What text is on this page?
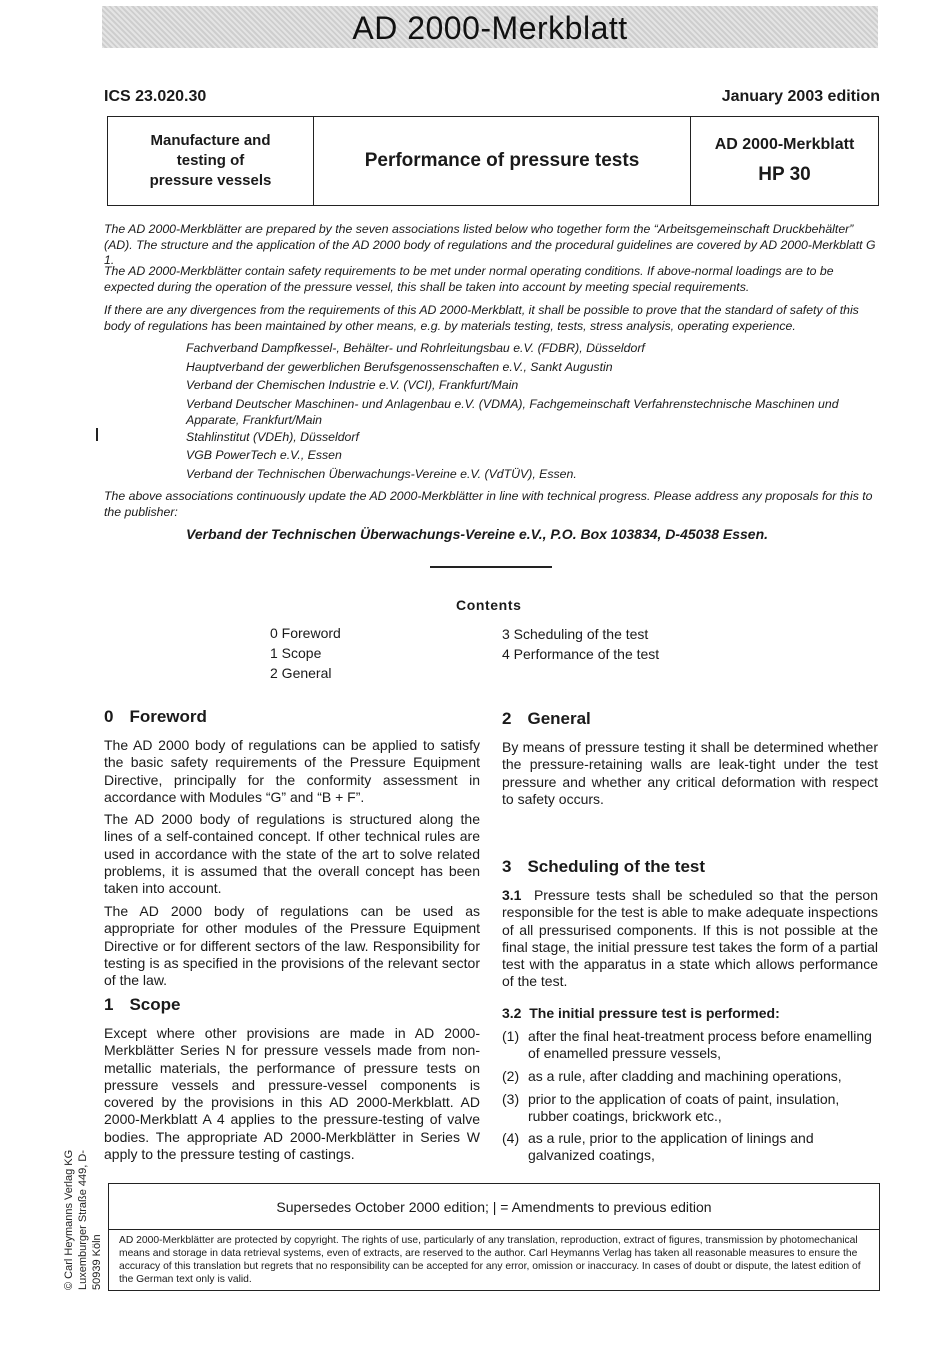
AD 2000-Merkblatt
ICS 23.020.30	January 2003 edition
Manufacture and
testing of
pressure vessels
Performance of pressure tests
AD 2000-Merkblatt
HP 30
The AD 2000-Merkblätter are prepared by the seven associations listed below who together form the “Arbeitsgemeinschaft Druckbehälter” (AD). The structure and the application of the AD 2000 body of regulations and the procedural guidelines are covered by AD 2000-Merkblatt G 1.
The AD 2000-Merkblätter contain safety requirements to be met under normal operating conditions. If above-normal loadings are to be expected during the operation of the pressure vessel, this shall be taken into account by meeting special requirements.
If there are any divergences from the requirements of this AD 2000-Merkblatt, it shall be possible to prove that the standard of safety of this body of regulations has been maintained by other means, e.g. by materials testing, tests, stress analysis, operating experience.
Fachverband Dampfkessel-, Behälter- und Rohrleitungsbau e.V. (FDBR), Düsseldorf
Hauptverband der gewerblichen Berufsgenossenschaften e.V., Sankt Augustin
Verband der Chemischen Industrie e.V. (VCI), Frankfurt/Main
Verband Deutscher Maschinen- und Anlagenbau e.V. (VDMA), Fachgemeinschaft Verfahrenstechnische Maschinen und Apparate, Frankfurt/Main
Stahlinstitut (VDEh), Düsseldorf
VGB PowerTech e.V., Essen
Verband der Technischen Überwachungs-Vereine e.V. (VdTÜV), Essen.
The above associations continuously update the AD 2000-Merkblätter in line with technical progress. Please address any proposals for this to the publisher:
Verband der Technischen Überwachungs-Vereine e.V., P.O. Box 103834, D-45038 Essen.
Contents
0 Foreword
1 Scope
2 General
3 Scheduling of the test
4 Performance of the test
0 Foreword
The AD 2000 body of regulations can be applied to satisfy the basic safety requirements of the Pressure Equipment Directive, principally for the conformity assessment in accordance with Modules “G” and “B + F”.
The AD 2000 body of regulations is structured along the lines of a self-contained concept. If other technical rules are used in accordance with the state of the art to solve related problems, it is assumed that the overall concept has been taken into account.
The AD 2000 body of regulations can be used as appropriate for other modules of the Pressure Equipment Directive or for different sectors of the law. Responsibility for testing is as specified in the provisions of the relevant sector of the law.
1 Scope
Except where other provisions are made in AD 2000-Merkblätter Series N for pressure vessels made from non-metallic materials, the performance of pressure tests on pressure vessels and pressure-vessel components is covered by the provisions in this AD 2000-Merkblatt. AD 2000-Merkblatt A 4 applies to the pressure-testing of valve bodies. The appropriate AD 2000-Merkblätter in Series W apply to the pressure testing of castings.
2 General
By means of pressure testing it shall be determined whether the pressure-retaining walls are leak-tight under the test pressure and whether any critical deformation with respect to safety occurs.
3 Scheduling of the test
3.1 Pressure tests shall be scheduled so that the person responsible for the test is able to make adequate inspections of all pressurised components. If this is not possible at the final stage, the initial pressure test takes the form of a partial test with the apparatus in a state which allows performance of the test.
3.2 The initial pressure test is performed:
(1) after the final heat-treatment process before enamelling of enamelled pressure vessels,
(2) as a rule, after cladding and machining operations,
(3) prior to the application of coats of paint, insulation, rubber coatings, brickwork etc.,
(4) as a rule, prior to the application of linings and galvanized coatings,
© Carl Heymanns Verlag KG Luxemburger Straße 449, D-50939 Köln
Supersedes October 2000 edition; | = Amendments to previous edition

AD 2000-Merkblätter are protected by copyright. The rights of use, particularly of any translation, reproduction, extract of figures, transmission by photomechanical means and storage in data retrieval systems, even of extracts, are reserved to the author. Carl Heymanns Verlag has taken all reasonable measures to ensure the accuracy of this translation but regrets that no responsibility can be accepted for any error, omission or inaccuracy. In cases of doubt or dispute, the latest edition of the German text only is valid.
